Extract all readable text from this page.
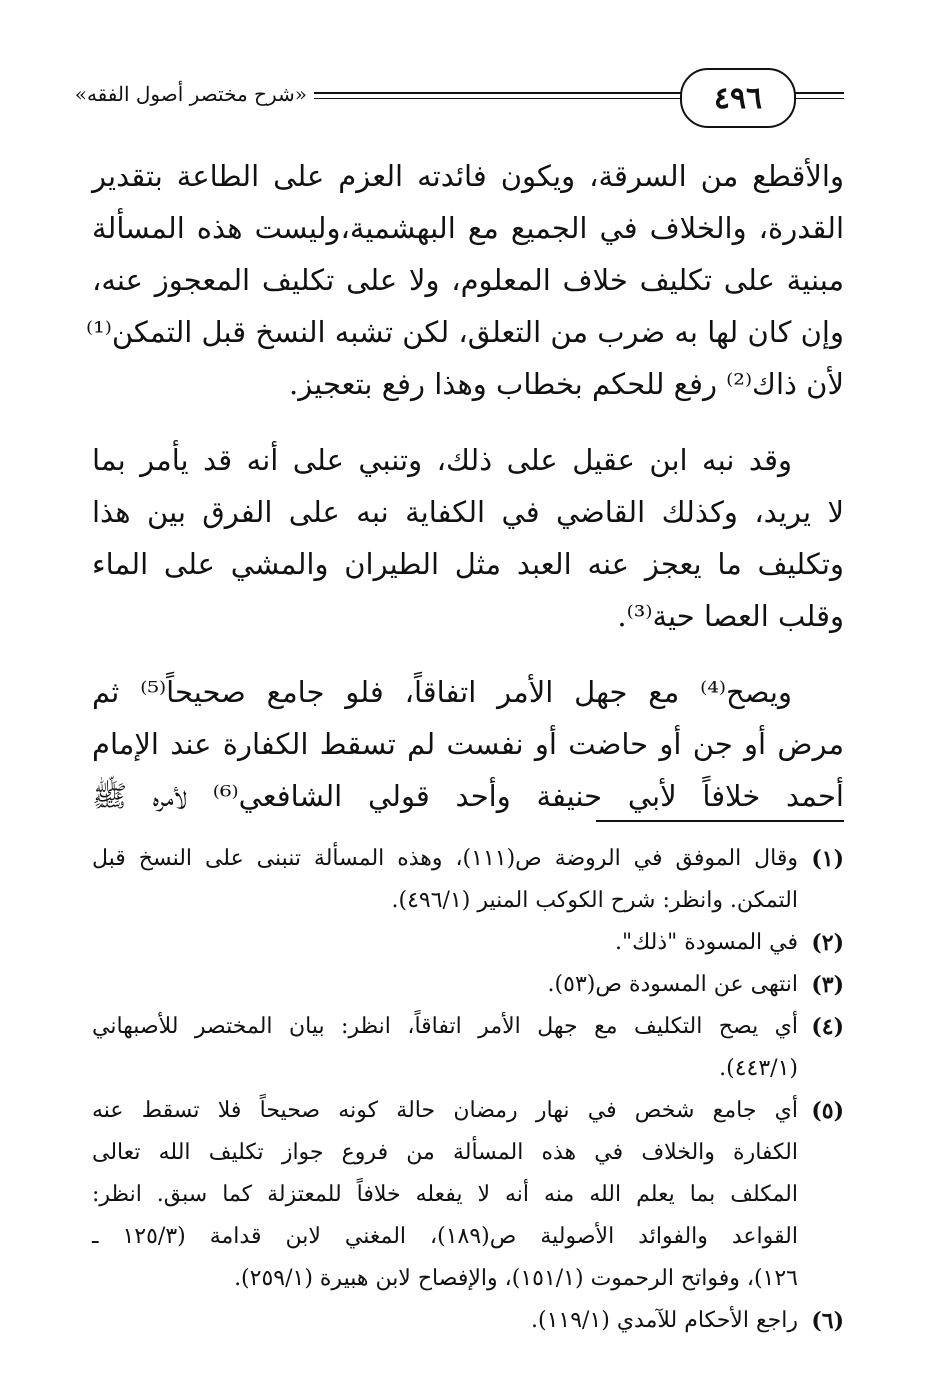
٤٩٦
«شرح مختصر أصول الفقه»
والأقطع من السرقة، ويكون فائدته العزم على الطاعة بتقدير
القدرة، والخلاف في الجميع مع البهشمية،وليست هذه المسألة
مبنية على تكليف خلاف المعلوم، ولا على تكليف المعجوز عنه،
وإن كان لها به ضرب من التعلق، لكن تشبه النسخ قبل التمكن⁽¹⁾
لأن ذاك⁽²⁾ رفع للحكم بخطاب وهذا رفع بتعجيز.
وقد نبه ابن عقيل على ذلك، وتنبي على أنه قد يأمر بما
لا يريد، وكذلك القاضي في الكفاية نبه على الفرق بين هذا
وتكليف ما يعجز عنه العبد مثل الطيران والمشي على الماء
وقلب العصا حية⁽³⁾.
ويصح⁽⁴⁾ مع جهل الأمر اتفاقاً، فلو جامع صحيحاً⁽⁵⁾ ثم
مرض أو جن أو حاضت أو نفست لم تسقط الكفارة عند الإمام
أحمد خلافاً لأبي حنيفة وأحد قولي الشافعي⁽⁶⁾ لأمره ﷺ
(١)
وقال الموفق في الروضة ص(١١١)، وهذه المسألة تنبنى على النسخ قبل
التمكن. وانظر: شرح الكوكب المنير (٤٩٦/١).
(٢)
في المسودة "ذلك".
(٣)
انتهى عن المسودة ص(٥٣).
(٤)
أي يصح التكليف مع جهل الأمر اتفاقاً، انظر: بيان المختصر للأصبهاني
(٤٤٣/١).
(٥)
أي جامع شخص في نهار رمضان حالة كونه صحيحاً فلا تسقط عنه
الكفارة والخلاف في هذه المسألة من فروع جواز تكليف الله تعالى
المكلف بما يعلم الله منه أنه لا يفعله خلافاً للمعتزلة كما سبق. انظر:
القواعد والفوائد الأصولية ص(١٨٩)، المغني لابن قدامة (١٢٥/٣ ـ
١٢٦)، وفواتح الرحموت (١٥١/١)، والإفصاح لابن هبيرة (٢٥٩/١).
(٦)
راجع الأحكام للآمدي (١١٩/١).
